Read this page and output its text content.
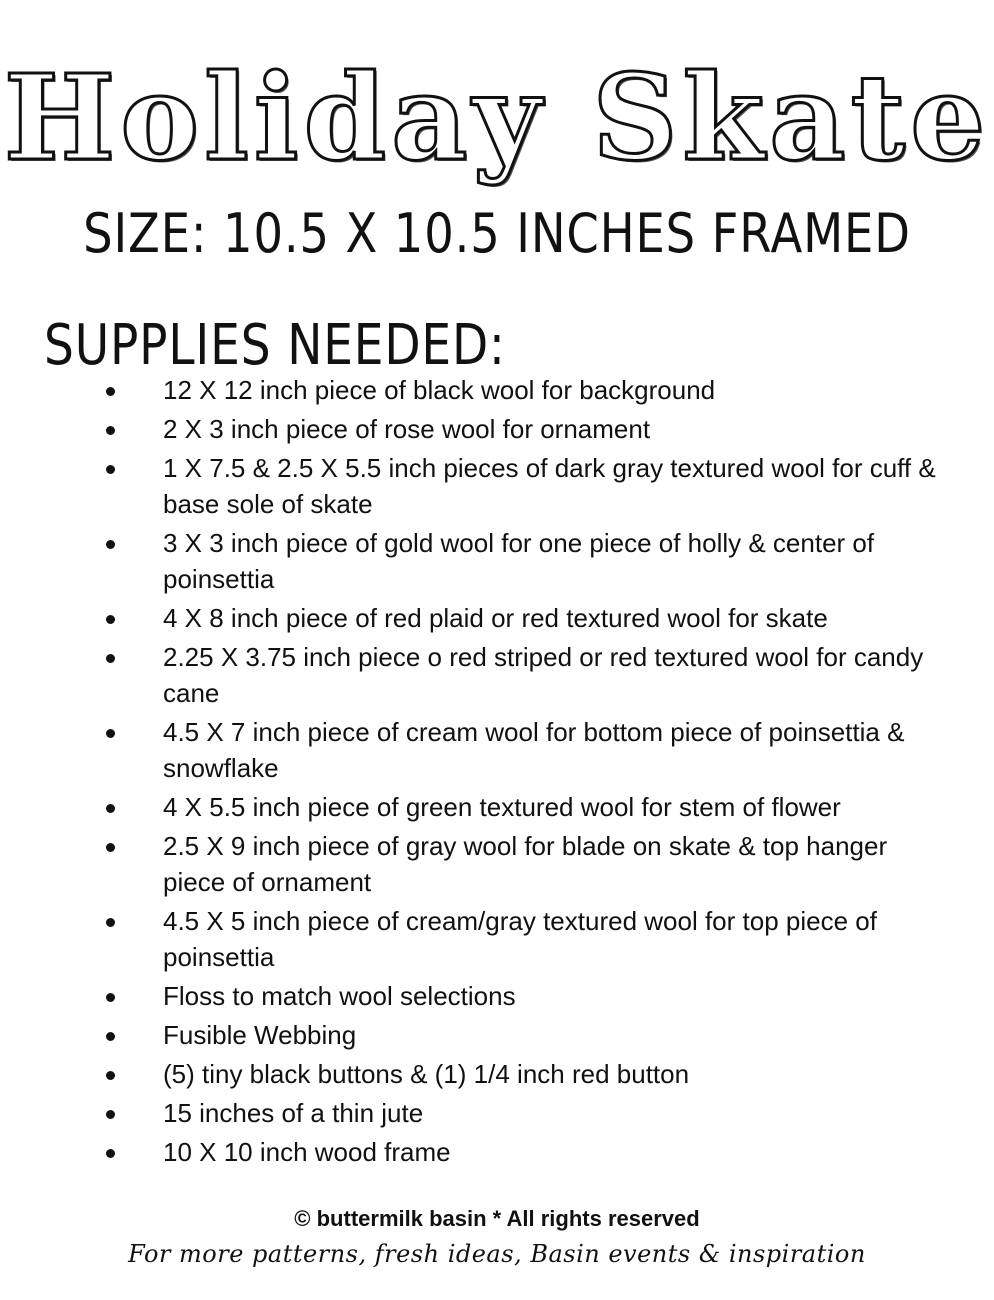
Holiday Skate
SIZE: 10.5 X 10.5 INCHES FRAMED
SUPPLIES NEEDED:
12 X 12 inch piece of black wool for background
2 X 3 inch piece of rose wool for ornament
1 X 7.5 & 2.5 X 5.5 inch pieces of dark gray textured wool for cuff & base sole of skate
3 X 3 inch piece of gold wool for one piece of holly & center of poinsettia
4 X 8 inch piece of red plaid or red textured wool for skate
2.25 X 3.75 inch piece o red striped or red textured wool for candy cane
4.5 X 7 inch piece of cream wool for bottom piece of poinsettia & snowflake
4 X 5.5 inch piece of green textured wool for stem of flower
2.5 X 9 inch piece of gray wool for blade on skate & top hanger piece of ornament
4.5 X 5 inch piece of cream/gray textured wool for top piece of poinsettia
Floss to match wool selections
Fusible Webbing
(5) tiny black buttons & (1) 1/4 inch red button
15 inches of a thin jute
10 X 10 inch wood frame
© buttermilk basin * All rights reserved
For more patterns, fresh ideas, Basin events & inspiration
